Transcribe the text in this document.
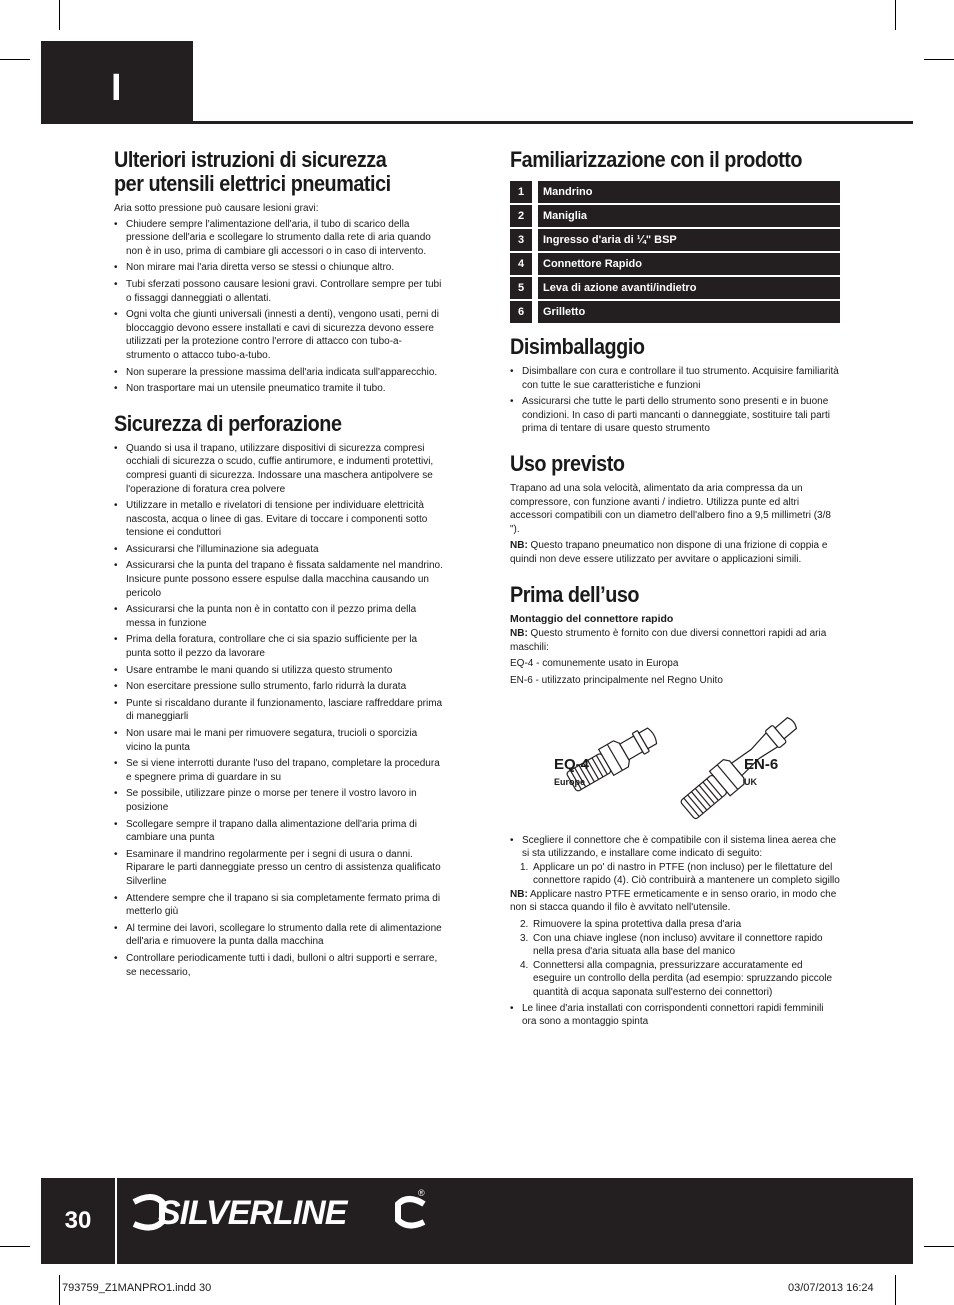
I
Ulteriori istruzioni di sicurezza
per utensili elettrici pneumatici

Aria sotto pressione può causare lesioni gravi:

• Chiudere sempre l'alimentazione dell'aria, il tubo di scarico della pressione dell'aria e scollegare lo strumento dalla rete di aria quando non è in uso, prima di cambiare gli accessori o in caso di intervento.
• Non mirare mai l'aria diretta verso se stessi o chiunque altro.
• Tubi sferzati possono causare lesioni gravi. Controllare sempre per tubi o fissaggi danneggiati o allentati.
• Ogni volta che giunti universali (innesti a denti), vengono usati, perni di bloccaggio devono essere installati e cavi di sicurezza devono essere utilizzati per la protezione contro l'errore di attacco con tubo-a-strumento o attacco tubo-a-tubo.
• Non superare la pressione massima dell'aria indicata sull'apparecchio.
• Non trasportare mai un utensile pneumatico tramite il tubo.
Sicurezza di perforazione
• Quando si usa il trapano, utilizzare dispositivi di sicurezza compresi occhiali di sicurezza o scudo, cuffie antirumore, e indumenti protettivi, compresi guanti di sicurezza. Indossare una maschera antipolvere se l'operazione di foratura crea polvere
• Utilizzare in metallo e rivelatori di tensione per individuare elettricità nascosta, acqua o linee di gas. Evitare di toccare i componenti sotto tensione ei conduttori
• Assicurarsi che l'illuminazione sia adeguata
• Assicurarsi che la punta del trapano è fissata saldamente nel mandrino. Insicure punte possono essere espulse dalla macchina causando un pericolo
• Assicurarsi che la punta non è in contatto con il pezzo prima della messa in funzione
• Prima della foratura, controllare che ci sia spazio sufficiente per la punta sotto il pezzo da lavorare
• Usare entrambe le mani quando si utilizza questo strumento
• Non esercitare pressione sullo strumento, farlo ridurrà la durata
• Punte si riscaldano durante il funzionamento, lasciare raffreddare prima di maneggiarli
• Non usare mai le mani per rimuovere segatura, trucioli o sporcizia vicino la punta
• Se si viene interrotti durante l'uso del trapano, completare la procedura e spegnere prima di guardare in su
• Se possibile, utilizzare pinze o morse per tenere il vostro lavoro in posizione
• Scollegare sempre il trapano dalla alimentazione dell'aria prima di cambiare una punta
• Esaminare il mandrino regolarmente per i segni di usura o danni. Riparare le parti danneggiate presso un centro di assistenza qualificato Silverline
• Attendere sempre che il trapano si sia completamente fermato prima di metterlo giù
• Al termine dei lavori, scollegare lo strumento dalla rete di alimentazione dell'aria e rimuovere la punta dalla macchina
• Controllare periodicamente tutti i dadi, bulloni o altri supporti e serrare, se necessario,
Familiarizzazione con il prodotto
1	Mandrino
2	Maniglia
3	Ingresso d'aria di ¼" BSP
4	Connettore Rapido
5	Leva di azione avanti/indietro
6	Grilletto
Disimballaggio
• Disimballare con cura e controllare il tuo strumento. Acquisire familiarità con tutte le sue caratteristiche e funzioni
• Assicurarsi che tutte le parti dello strumento sono presenti e in buone condizioni. In caso di parti mancanti o danneggiate, sostituire tali parti prima di tentare di usare questo strumento
Uso previsto

Trapano ad una sola velocità, alimentato da aria compressa da un compressore, con funzione avanti / indietro. Utilizza punte ed altri accessori compatibili con un diametro dell'albero fino a 9,5 millimetri (3/8 ").

NB: Questo trapano pneumatico non dispone di una frizione di coppia e quindi non deve essere utilizzato per avvitare o applicazioni simili.

Prima dell’uso

Montaggio del connettore rapido

NB: Questo strumento è fornito con due diversi connettori rapidi ad aria maschili:

EQ-4 - comunemente usato in Europa

EN-6 - utilizzato principalmente nel Regno Unito

EQ-4
Europe
EN-6
UK
• Scegliere il connettore che è compatibile con il sistema linea aerea che si sta utilizzando, e installare come indicato di seguito:
1. Applicare un po' di nastro in PTFE (non incluso) per le filettature del connettore rapido (4). Ciò contribuirà a mantenere un completo sigillo

NB: Applicare nastro PTFE ermeticamente e in senso orario, in modo che non si stacca quando il filo è avvitato nell'utensile.

2. Rimuovere la spina protettiva dalla presa d'aria
3. Con una chiave inglese (non incluso) avvitare il connettore rapido nella presa d'aria situata alla base del manico
4. Connettersi alla compagnia, pressurizzare accuratamente ed eseguire un controllo della perdita (ad esempio: spruzzando piccole quantità di acqua saponata sull'esterno dei connettori)
• Le linee d'aria installati con corrispondenti connettori rapidi femminili ora sono a montaggio spinta
30	SILVERLINE
®
793759_Z1MANPRO1.indd 30	03/07/2013 16:24
